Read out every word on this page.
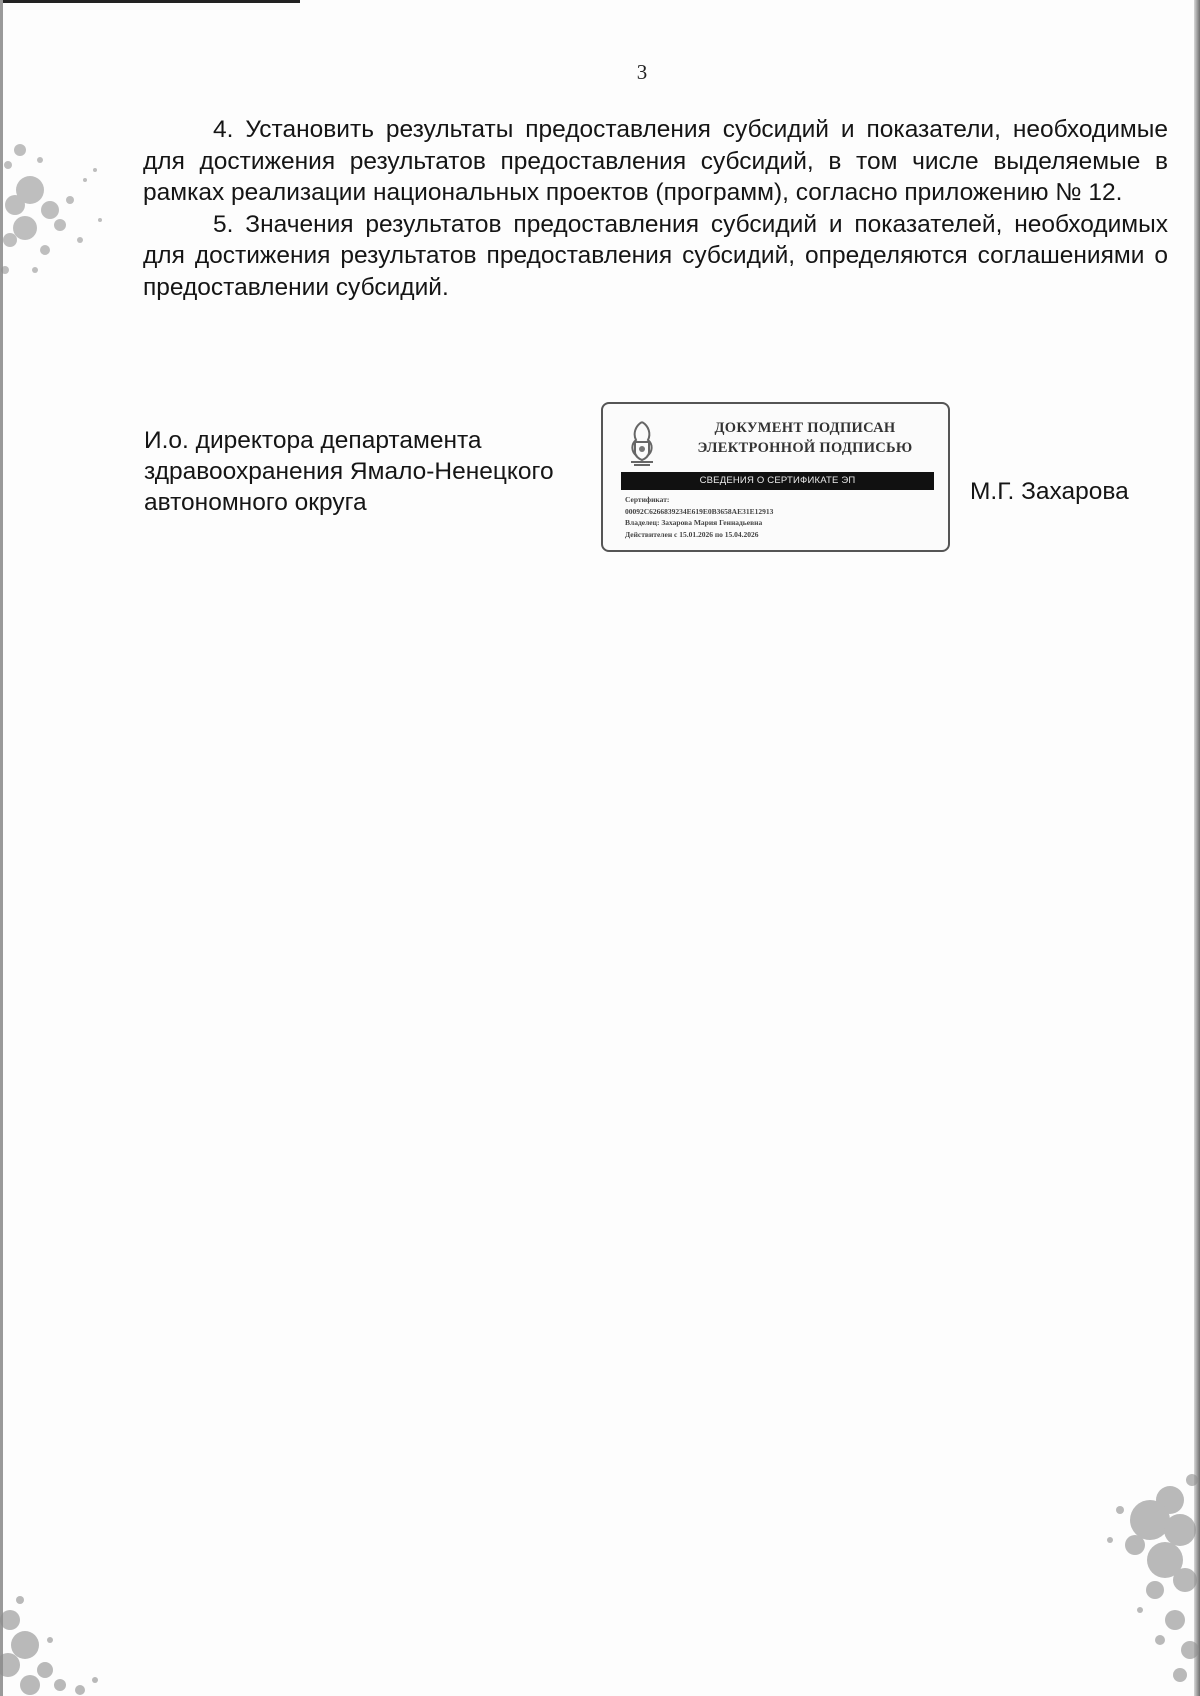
3

4. Установить результаты предоставления субсидий и показатели, необходимые для достижения результатов предоставления субсидий, в том числе выделяемые в рамках реализации национальных проектов (программ), согласно приложению № 12.

5. Значения результатов предоставления субсидий и показателей, необходимых для достижения результатов предоставления субсидий, определяются соглашениями о предоставлении субсидий.

И.о. директора департамента
здравоохранения Ямало-Ненецкого
автономного округа
ДОКУМЕНТ ПОДПИСАН
ЭЛЕКТРОННОЙ ПОДПИСЬЮ
СВЕДЕНИЯ О СЕРТИФИКАТЕ ЭП
Сертификат:
00092C6266839234E619E0B3658AE31E12913
Владелец: Захарова Мария Геннадьевна
Действителен с 15.01.2026 по 15.04.2026
М.Г. Захарова
